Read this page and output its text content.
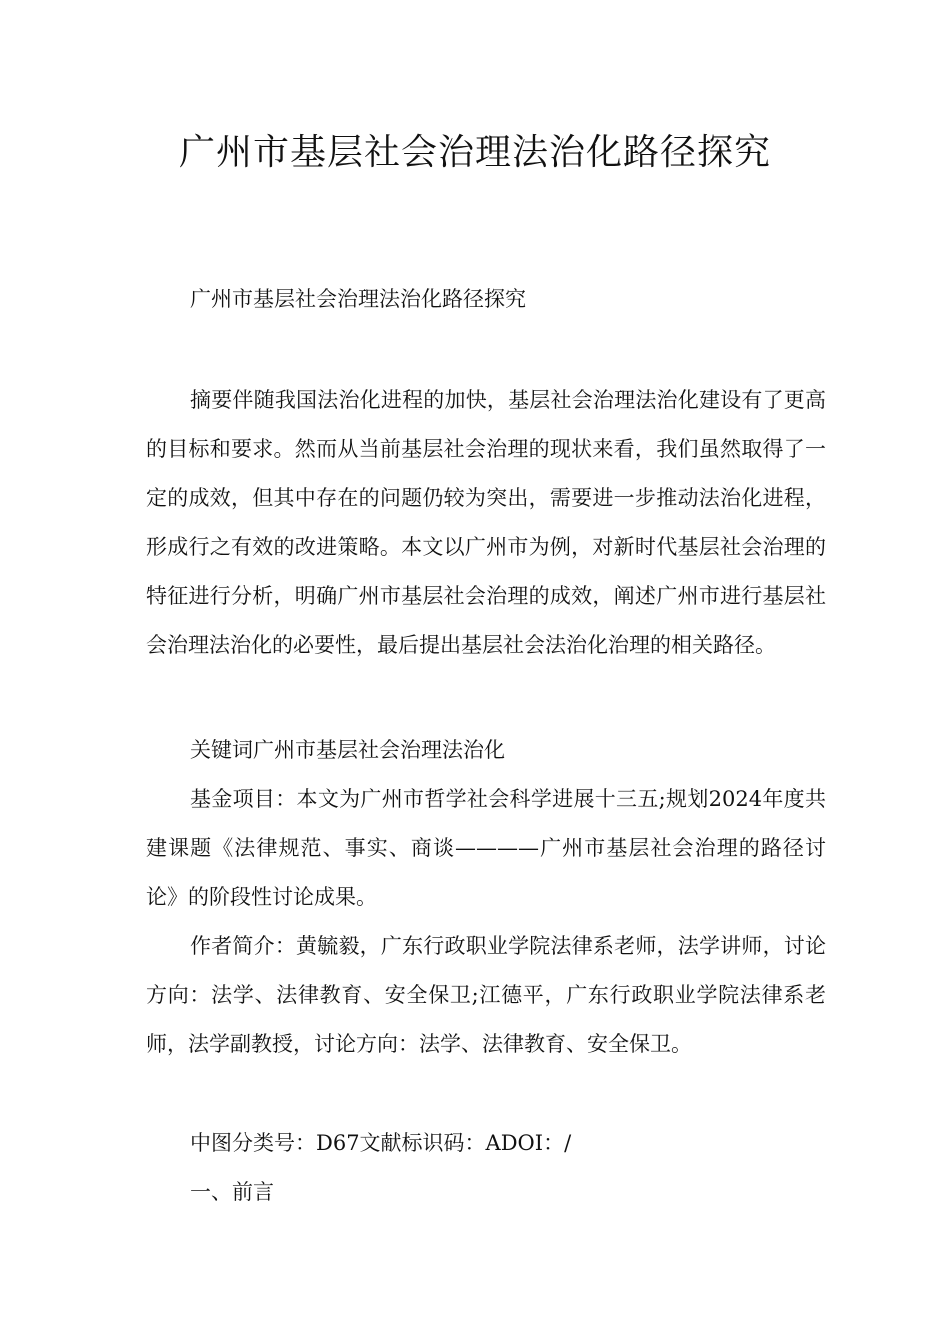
广州市基层社会治理法治化路径探究

广州市基层社会治理法治化路径探究

摘要伴随我国法治化进程的加快，基层社会治理法治化建设有了更高的目标和要求。然而从当前基层社会治理的现状来看，我们虽然取得了一定的成效，但其中存在的问题仍较为突出，需要进一步推动法治化进程，形成行之有效的改进策略。本文以广州市为例，对新时代基层社会治理的特征进行分析，明确广州市基层社会治理的成效，阐述广州市进行基层社会治理法治化的必要性，最后提出基层社会法治化治理的相关路径。

关键词广州市基层社会治理法治化

基金项目：本文为广州市哲学社会科学进展十三五;规划2024年度共建课题《法律规范、事实、商谈————广州市基层社会治理的路径讨论》的阶段性讨论成果。

作者简介：黄毓毅，广东行政职业学院法律系老师，法学讲师，讨论方向：法学、法律教育、安全保卫;江德平，广东行政职业学院法律系老师，法学副教授，讨论方向：法学、法律教育、安全保卫。

中图分类号：D67文献标识码：ADOI：/

一、前言
